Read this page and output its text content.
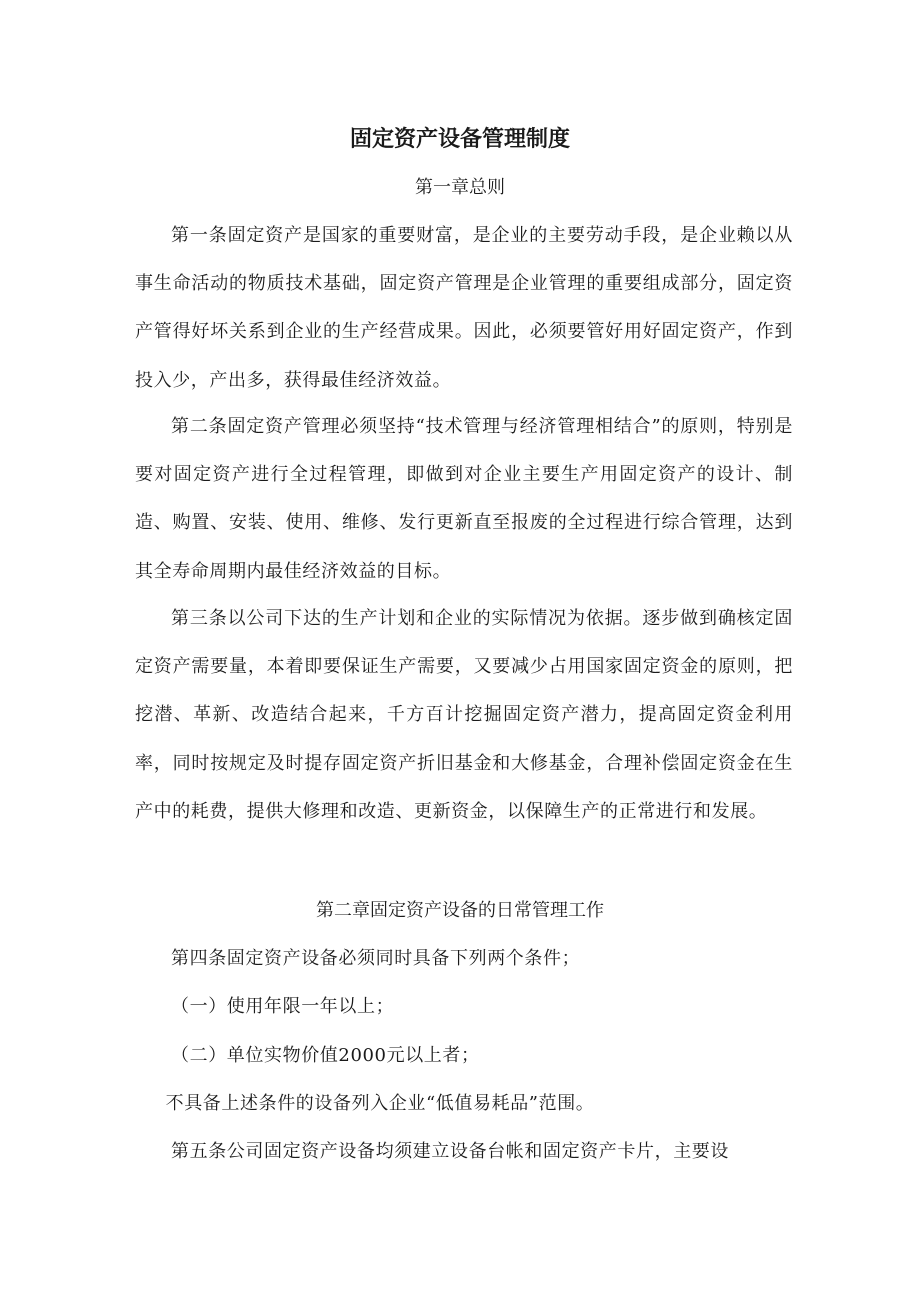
固定资产设备管理制度
第一章总则

第一条固定资产是国家的重要财富，是企业的主要劳动手段，是企业赖以从事生命活动的物质技术基础，固定资产管理是企业管理的重要组成部分，固定资产管得好坏关系到企业的生产经营成果。因此，必须要管好用好固定资产，作到投入少，产出多，获得最佳经济效益。

第二条固定资产管理必须坚持“技术管理与经济管理相结合”的原则，特别是要对固定资产进行全过程管理，即做到对企业主要生产用固定资产的设计、制造、购置、安装、使用、维修、发行更新直至报废的全过程进行综合管理，达到其全寿命周期内最佳经济效益的目标。

第三条以公司下达的生产计划和企业的实际情况为依据。逐步做到确核定固定资产需要量，本着即要保证生产需要，又要减少占用国家固定资金的原则，把挖潜、革新、改造结合起来，千方百计挖掘固定资产潜力，提高固定资金利用率，同时按规定及时提存固定资产折旧基金和大修基金，合理补偿固定资金在生产中的耗费，提供大修理和改造、更新资金，以保障生产的正常进行和发展。

第二章固定资产设备的日常管理工作

第四条固定资产设备必须同时具备下列两个条件；

（一）使用年限一年以上；

（二）单位实物价值2000元以上者；

不具备上述条件的设备列入企业“低值易耗品”范围。

第五条公司固定资产设备均须建立设备台帐和固定资产卡片，主要设
